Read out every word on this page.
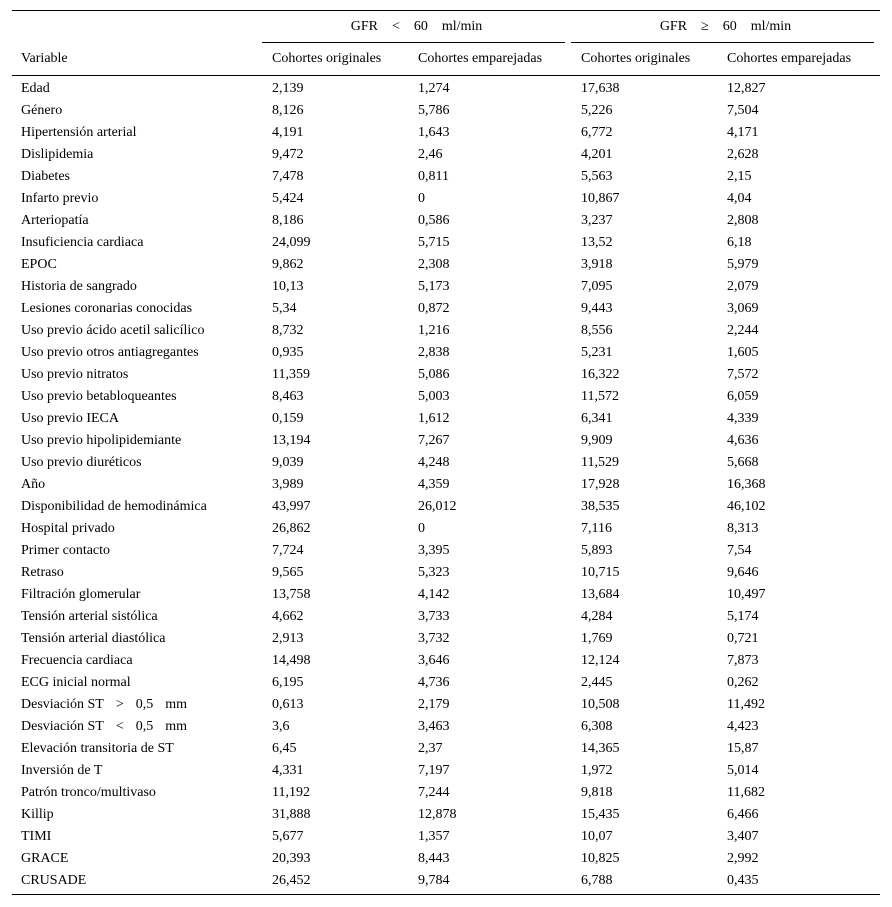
	GFR < 60 ml/min		GFR ≥ 60 ml/min	
Variable	Cohortes originales	Cohortes emparejadas	Cohortes originales	Cohortes emparejadas
Edad	2,139	1,274	17,638	12,827
Género	8,126	5,786	5,226	7,504
Hipertensión arterial	4,191	1,643	6,772	4,171
Dislipidemia	9,472	2,46	4,201	2,628
Diabetes	7,478	0,811	5,563	2,15
Infarto previo	5,424	0	10,867	4,04
Arteriopatía	8,186	0,586	3,237	2,808
Insuficiencia cardiaca	24,099	5,715	13,52	6,18
EPOC	9,862	2,308	3,918	5,979
Historia de sangrado	10,13	5,173	7,095	2,079
Lesiones coronarias conocidas	5,34	0,872	9,443	3,069
Uso previo ácido acetil salicílico	8,732	1,216	8,556	2,244
Uso previo otros antiagregantes	0,935	2,838	5,231	1,605
Uso previo nitratos	11,359	5,086	16,322	7,572
Uso previo betabloqueantes	8,463	5,003	11,572	6,059
Uso previo IECA	0,159	1,612	6,341	4,339
Uso previo hipolipidemiante	13,194	7,267	9,909	4,636
Uso previo diuréticos	9,039	4,248	11,529	5,668
Año	3,989	4,359	17,928	16,368
Disponibilidad de hemodinámica	43,997	26,012	38,535	46,102
Hospital privado	26,862	0	7,116	8,313
Primer contacto	7,724	3,395	5,893	7,54
Retraso	9,565	5,323	10,715	9,646
Filtración glomerular	13,758	4,142	13,684	10,497
Tensión arterial sistólica	4,662	3,733	4,284	5,174
Tensión arterial diastólica	2,913	3,732	1,769	0,721
Frecuencia cardiaca	14,498	3,646	12,124	7,873
ECG inicial normal	6,195	4,736	2,445	0,262
Desviación ST > 0,5 mm	0,613	2,179	10,508	11,492
Desviación ST < 0,5 mm	3,6	3,463	6,308	4,423
Elevación transitoria de ST	6,45	2,37	14,365	15,87
Inversión de T	4,331	7,197	1,972	5,014
Patrón tronco/multivaso	11,192	7,244	9,818	11,682
Killip	31,888	12,878	15,435	6,466
TIMI	5,677	1,357	10,07	3,407
GRACE	20,393	8,443	10,825	2,992
CRUSADE	26,452	9,784	6,788	0,435
